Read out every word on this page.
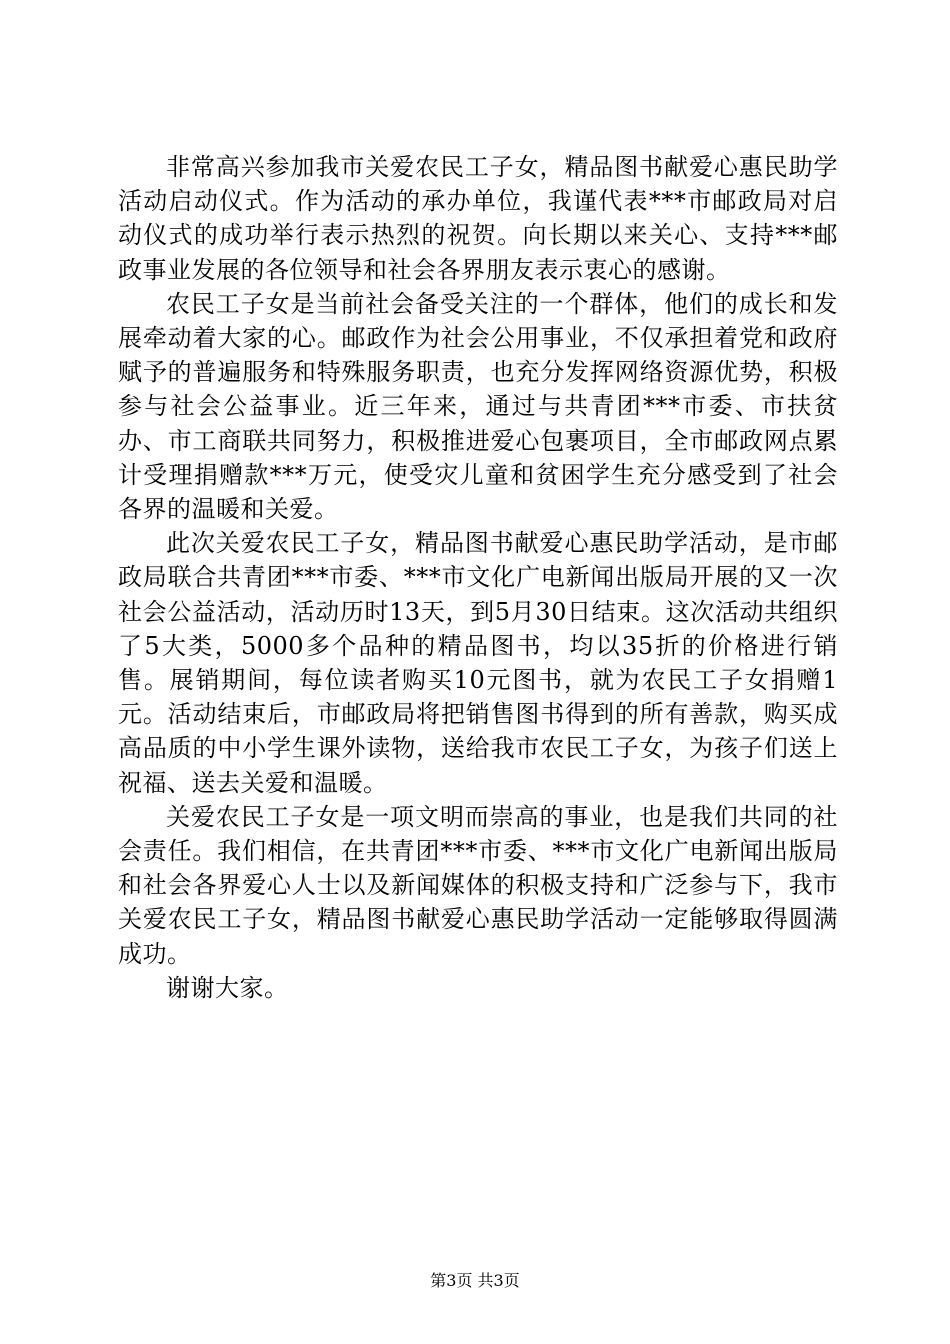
非常高兴参加我市关爱农民工子女，精品图书献爱心惠民助学活动启动仪式。作为活动的承办单位，我谨代表***市邮政局对启动仪式的成功举行表示热烈的祝贺。向长期以来关心、支持***邮政事业发展的各位领导和社会各界朋友表示衷心的感谢。

农民工子女是当前社会备受关注的一个群体，他们的成长和发展牵动着大家的心。邮政作为社会公用事业，不仅承担着党和政府赋予的普遍服务和特殊服务职责，也充分发挥网络资源优势，积极参与社会公益事业。近三年来，通过与共青团***市委、市扶贫办、市工商联共同努力，积极推进爱心包裹项目，全市邮政网点累计受理捐赠款***万元，使受灾儿童和贫困学生充分感受到了社会各界的温暖和关爱。

此次关爱农民工子女，精品图书献爱心惠民助学活动，是市邮政局联合共青团***市委、***市文化广电新闻出版局开展的又一次社会公益活动，活动历时13天，到5月30日结束。这次活动共组织了5大类，5000多个品种的精品图书，均以35折的价格进行销售。展销期间，每位读者购买10元图书，就为农民工子女捐赠1元。活动结束后，市邮政局将把销售图书得到的所有善款，购买成高品质的中小学生课外读物，送给我市农民工子女，为孩子们送上祝福、送去关爱和温暖。

关爱农民工子女是一项文明而崇高的事业，也是我们共同的社会责任。我们相信，在共青团***市委、***市文化广电新闻出版局和社会各界爱心人士以及新闻媒体的积极支持和广泛参与下，我市关爱农民工子女，精品图书献爱心惠民助学活动一定能够取得圆满成功。

谢谢大家。

第3页 共3页
